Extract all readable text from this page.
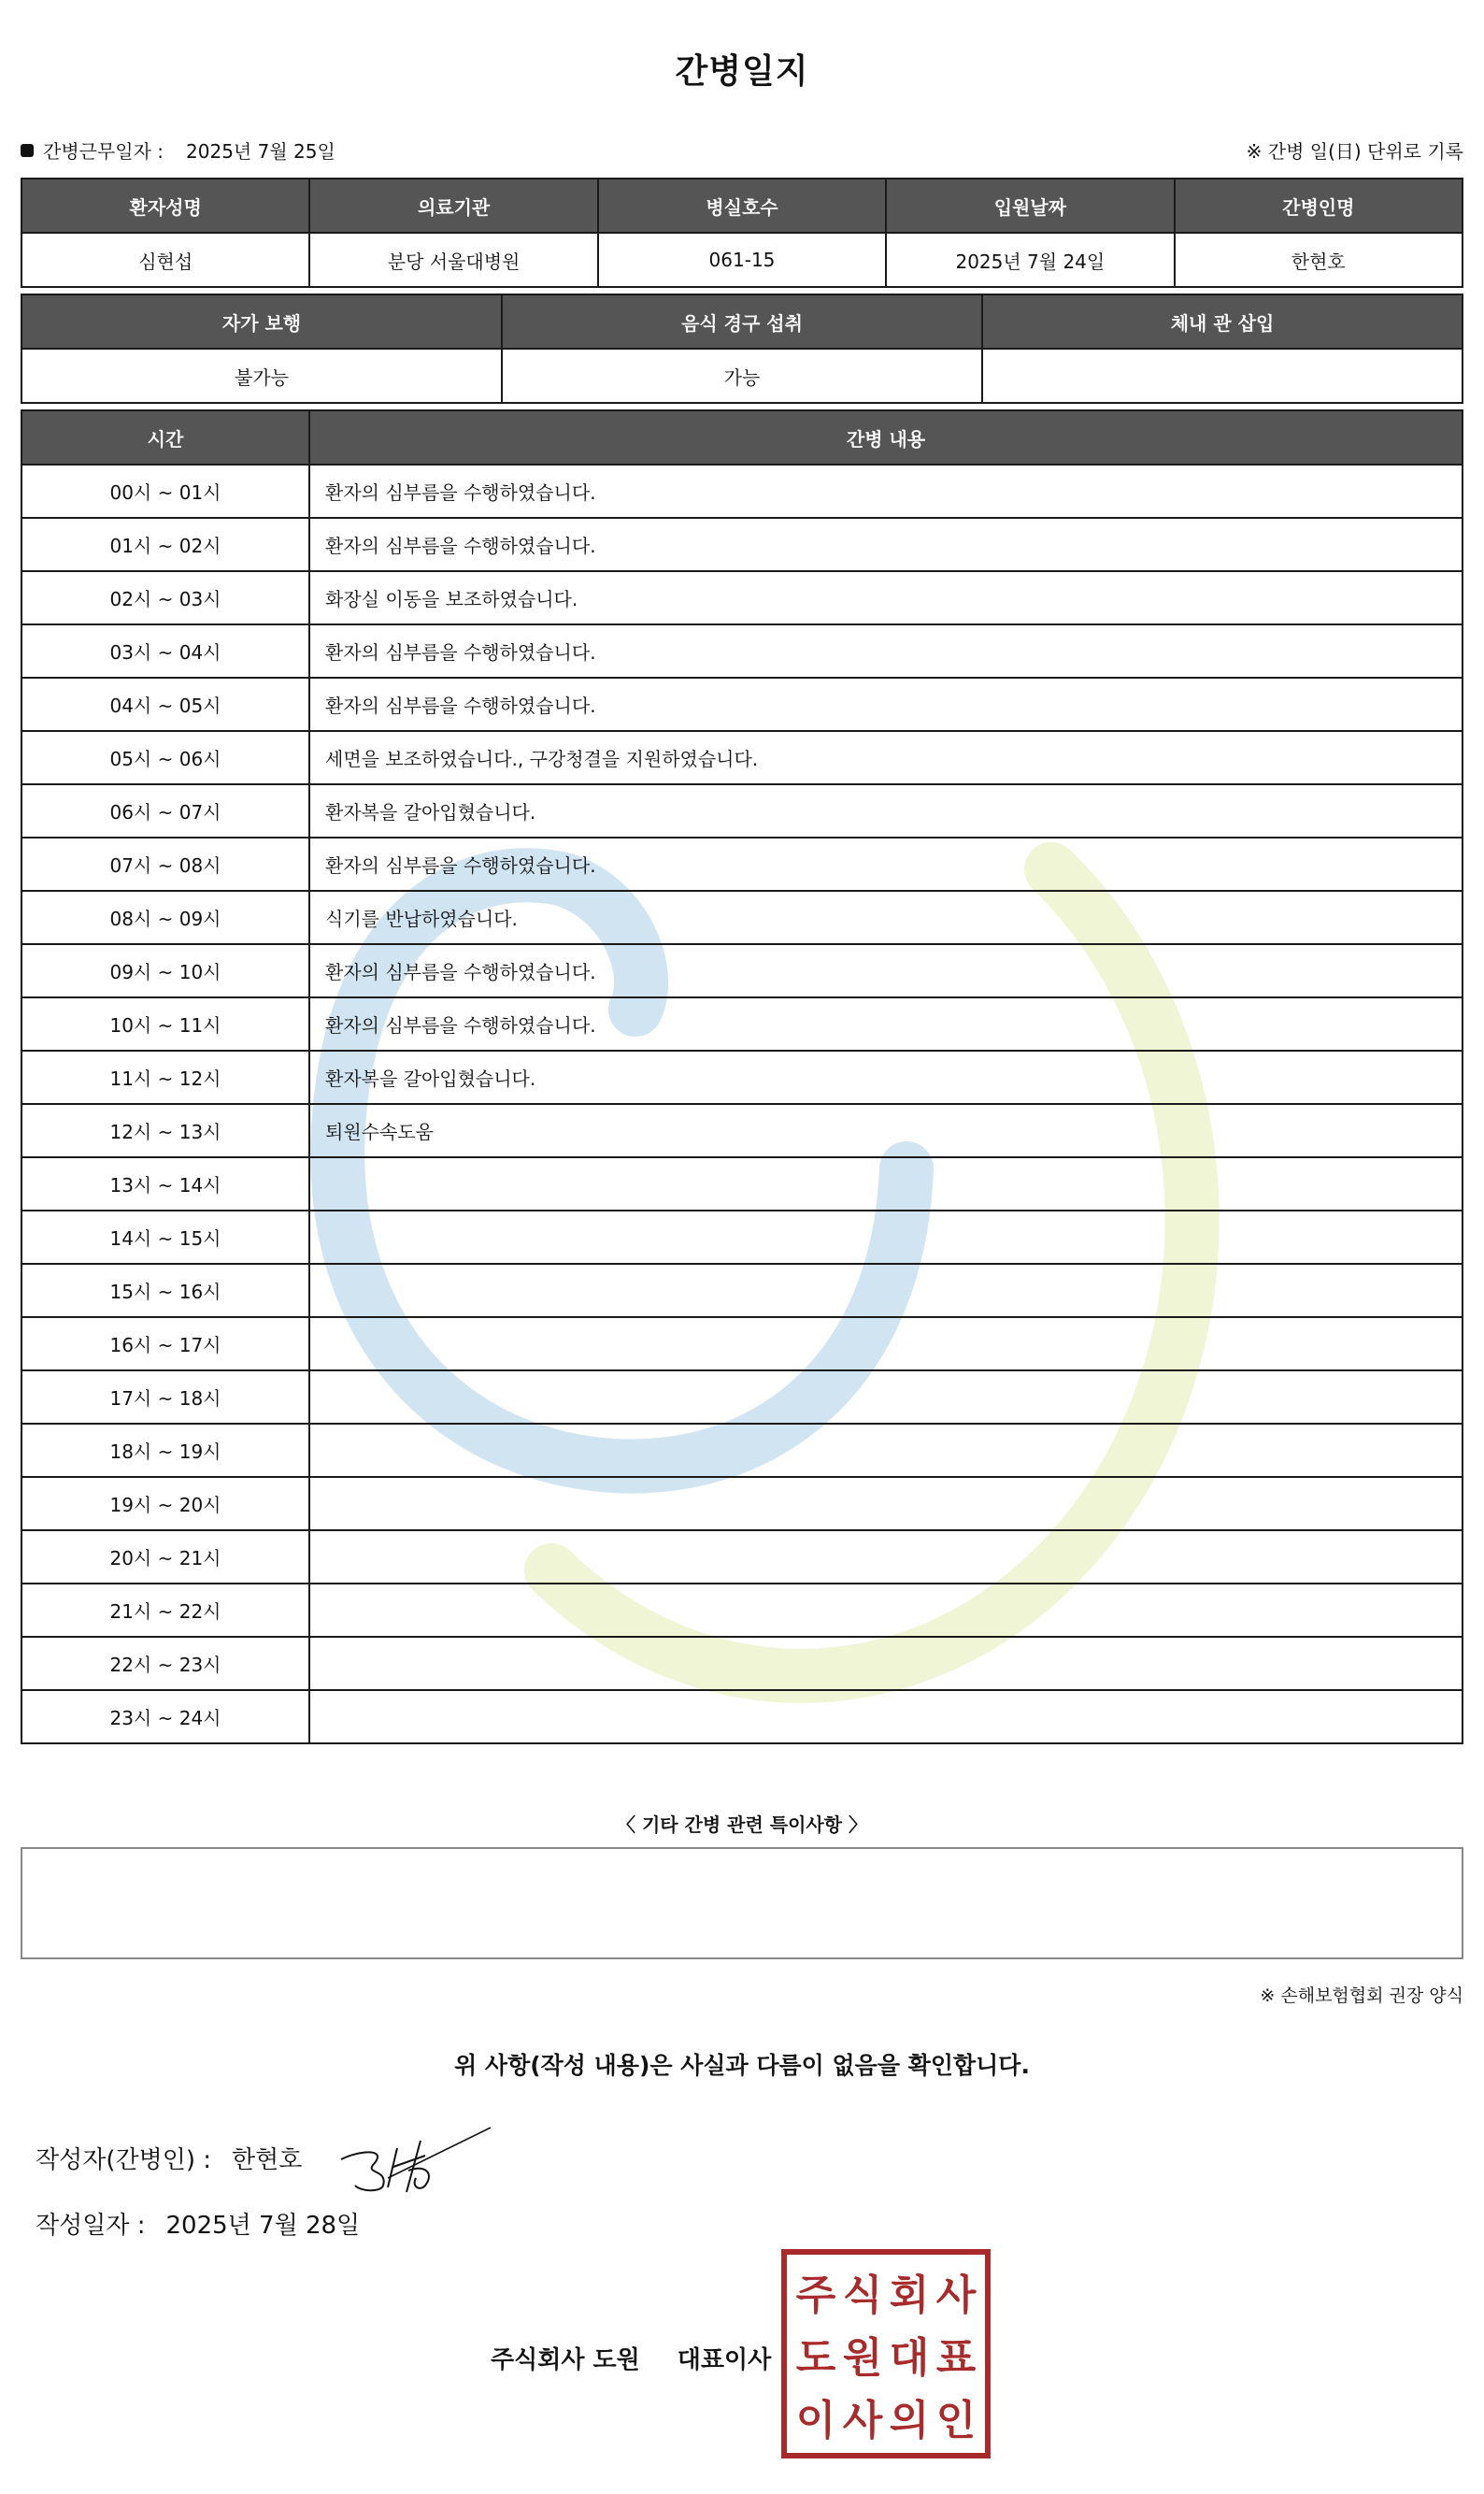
간병일지
간병근무일자 : 2025년 7월 25일	※ 간병 일(日) 단위로 기록
환자성명	의료기관	병실호수	입원날짜	간병인명
심현섭	분당 서울대병원	061-15	2025년 7월 24일	한현호
자가 보행	음식 경구 섭취	체내 관 삽입
불가능	가능	
시간	간병 내용
00시 ~ 01시	환자의 심부름을 수행하였습니다.
01시 ~ 02시	환자의 심부름을 수행하였습니다.
02시 ~ 03시	화장실 이동을 보조하였습니다.
03시 ~ 04시	환자의 심부름을 수행하였습니다.
04시 ~ 05시	환자의 심부름을 수행하였습니다.
05시 ~ 06시	세면을 보조하였습니다., 구강청결을 지원하였습니다.
06시 ~ 07시	환자복을 갈아입혔습니다.
07시 ~ 08시	환자의 심부름을 수행하였습니다.
08시 ~ 09시	식기를 반납하였습니다.
09시 ~ 10시	환자의 심부름을 수행하였습니다.
10시 ~ 11시	환자의 심부름을 수행하였습니다.
11시 ~ 12시	환자복을 갈아입혔습니다.
12시 ~ 13시	퇴원수속도움
13시 ~ 14시	
14시 ~ 15시	
15시 ~ 16시	
16시 ~ 17시	
17시 ~ 18시	
18시 ~ 19시	
19시 ~ 20시	
20시 ~ 21시	
21시 ~ 22시	
22시 ~ 23시	
23시 ~ 24시	
〈 기타 간병 관련 특이사항 〉
※ 손해보험협회 권장 양식
위 사항(작성 내용)은 사실과 다름이 없음을 확인합니다.
작성자(간병인) : 한현호
작성일자 : 2025년 7월 28일
주식회사 도원 대표이사
주 식 회 사
도 원 대 표
이 사 의 인
